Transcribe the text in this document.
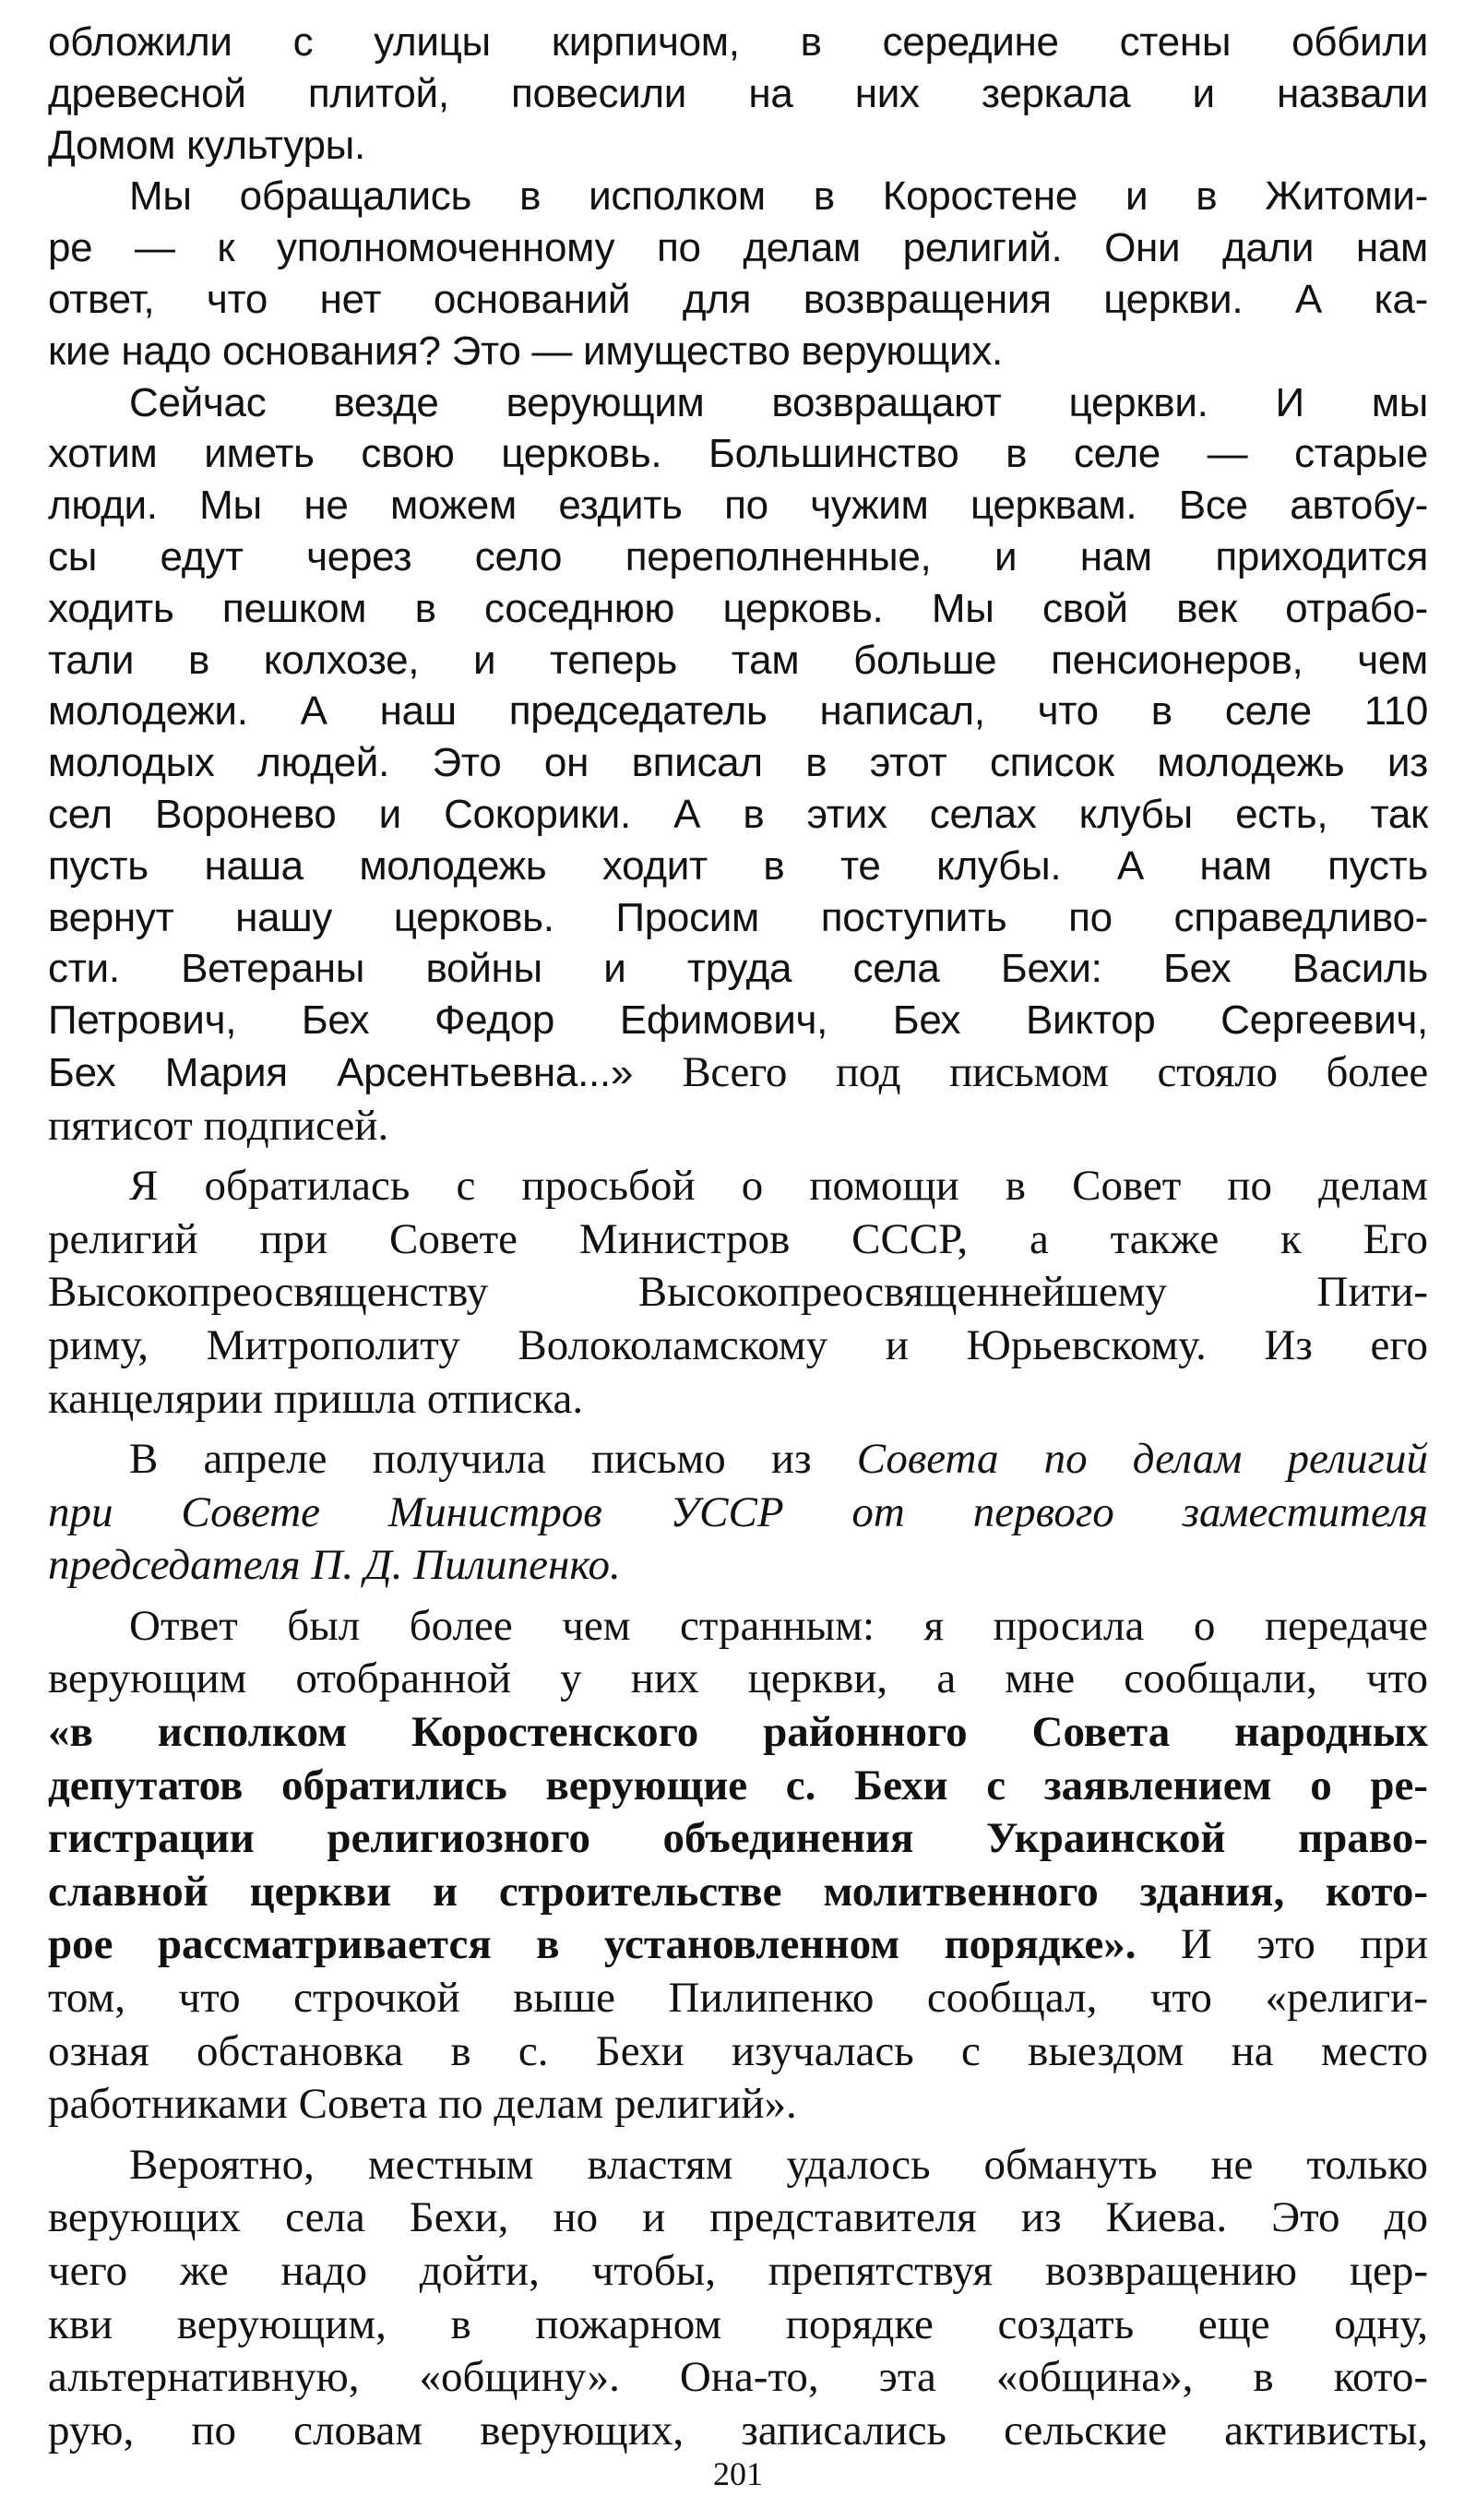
обложили с улицы кирпичом, в середине стены оббили
древесной плитой, повесили на них зеркала и назвали
Домом культуры.
Мы обращались в исполком в Коростене и в Житоми-
ре — к уполномоченному по делам религий. Они дали нам
ответ, что нет оснований для возвращения церкви. А ка-
кие надо основания? Это — имущество верующих.
Сейчас везде верующим возвращают церкви. И мы
хотим иметь свою церковь. Большинство в селе — старые
люди. Мы не можем ездить по чужим церквам. Все автобу-
сы едут через село переполненные, и нам приходится
ходить пешком в соседнюю церковь. Мы свой век отрабо-
тали в колхозе, и теперь там больше пенсионеров, чем
молодежи. А наш председатель написал, что в селе 110
молодых людей. Это он вписал в этот список молодежь из
сел Воронево и Сокорики. А в этих селах клубы есть, так
пусть наша молодежь ходит в те клубы. А нам пусть
вернут нашу церковь. Просим поступить по справедливо-
сти. Ветераны войны и труда села Бехи: Бех Василь
Петрович, Бех Федор Ефимович, Бех Виктор Сергеевич,
Бех Мария Арсентьевна...» Всего под письмом стояло более
пятисот подписей.
Я обратилась с просьбой о помощи в Совет по делам
религий при Совете Министров СССР, а также к Его
Высокопреосвященству Высокопреосвященнейшему Пити-
риму, Митрополиту Волоколамскому и Юрьевскому. Из его
канцелярии пришла отписка.
В апреле получила письмо из Совета по делам религий
при Совете Министров УССР от первого заместителя
председателя П. Д. Пилипенко.
Ответ был более чем странным: я просила о передаче
верующим отобранной у них церкви, а мне сообщали, что
«в исполком Коростенского районного Совета народных
депутатов обратились верующие с. Бехи с заявлением о ре-
гистрации религиозного объединения Украинской право-
славной церкви и строительстве молитвенного здания, кото-
рое рассматривается в установленном порядке». И это при
том, что строчкой выше Пилипенко сообщал, что «религи-
озная обстановка в с. Бехи изучалась с выездом на место
работниками Совета по делам религий».
Вероятно, местным властям удалось обмануть не только
верующих села Бехи, но и представителя из Киева. Это до
чего же надо дойти, чтобы, препятствуя возвращению цер-
кви верующим, в пожарном порядке создать еще одну,
альтернативную, «общину». Она-то, эта «община», в кото-
рую, по словам верующих, записались сельские активисты,
201
